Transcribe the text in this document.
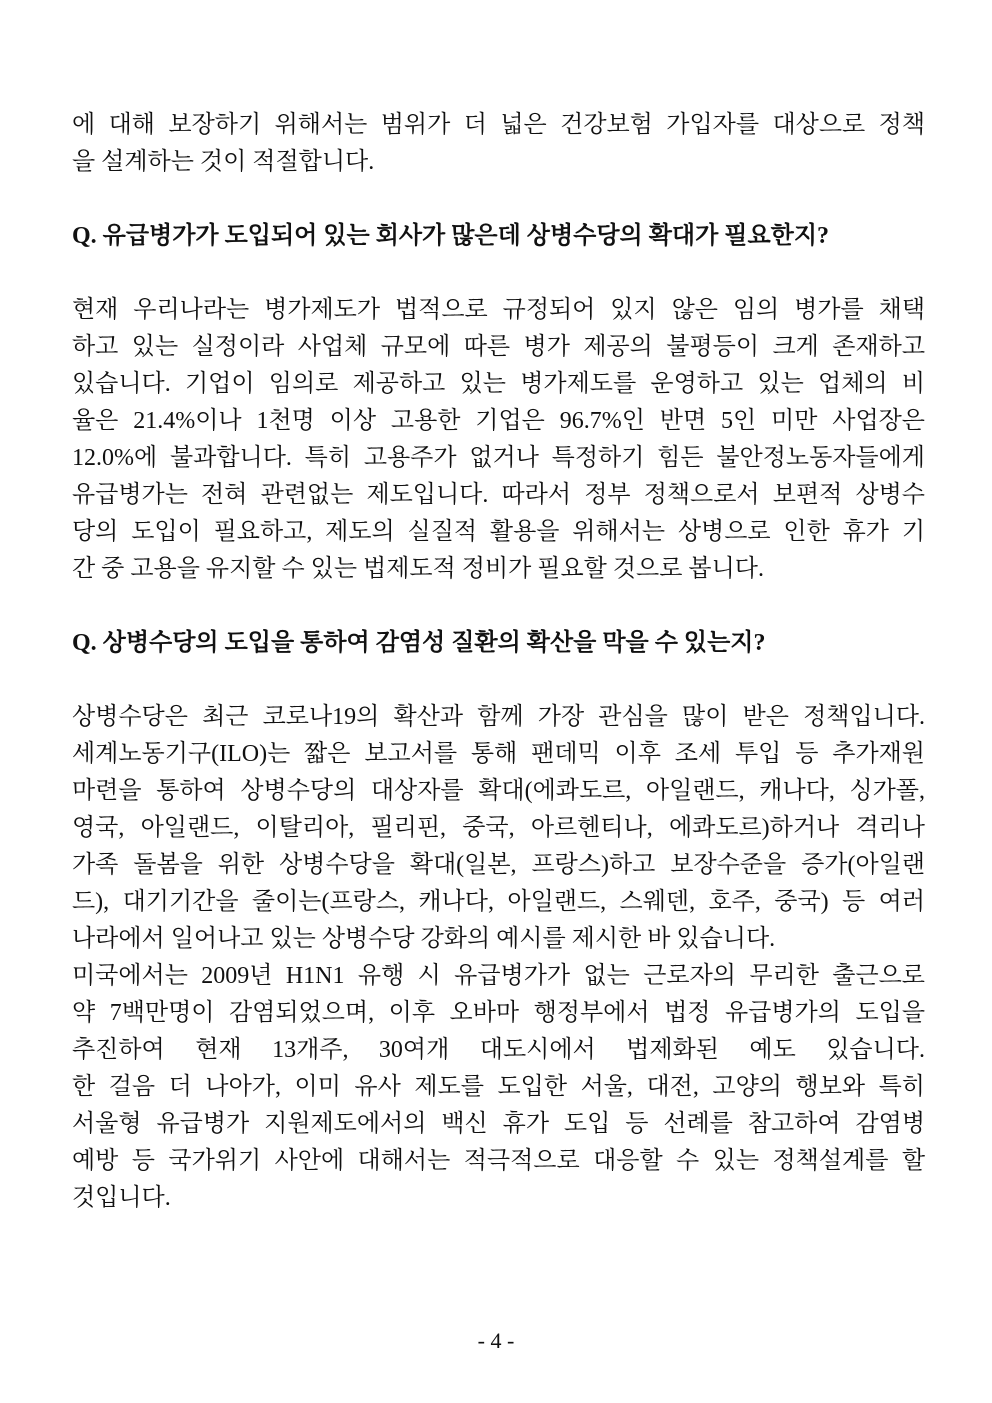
에 대해 보장하기 위해서는 범위가 더 넓은 건강보험 가입자를 대상으로 정책
을 설계하는 것이 적절합니다.
Q. 유급병가가 도입되어 있는 회사가 많은데 상병수당의 확대가 필요한지?
현재 우리나라는 병가제도가 법적으로 규정되어 있지 않은 임의 병가를 채택
하고 있는 실정이라 사업체 규모에 따른 병가 제공의 불평등이 크게 존재하고
있습니다. 기업이 임의로 제공하고 있는 병가제도를 운영하고 있는 업체의 비
율은 21.4%이나 1천명 이상 고용한 기업은 96.7%인 반면 5인 미만 사업장은
12.0%에 불과합니다. 특히 고용주가 없거나 특정하기 힘든 불안정노동자들에게
유급병가는 전혀 관련없는 제도입니다. 따라서 정부 정책으로서 보편적 상병수
당의 도입이 필요하고, 제도의 실질적 활용을 위해서는 상병으로 인한 휴가 기
간 중 고용을 유지할 수 있는 법제도적 정비가 필요할 것으로 봅니다.
Q. 상병수당의 도입을 통하여 감염성 질환의 확산을 막을 수 있는지?
상병수당은 최근 코로나19의 확산과 함께 가장 관심을 많이 받은 정책입니다.
세계노동기구(ILO)는 짧은 보고서를 통해 팬데믹 이후 조세 투입 등 추가재원
마련을 통하여 상병수당의 대상자를 확대(에콰도르, 아일랜드, 캐나다, 싱가폴,
영국, 아일랜드, 이탈리아, 필리핀, 중국, 아르헨티나, 에콰도르)하거나 격리나
가족 돌봄을 위한 상병수당을 확대(일본, 프랑스)하고 보장수준을 증가(아일랜
드), 대기기간을 줄이는(프랑스, 캐나다, 아일랜드, 스웨덴, 호주, 중국) 등 여러
나라에서 일어나고 있는 상병수당 강화의 예시를 제시한 바 있습니다.
미국에서는 2009년 H1N1 유행 시 유급병가가 없는 근로자의 무리한 출근으로
약 7백만명이 감염되었으며, 이후 오바마 행정부에서 법정 유급병가의 도입을
추진하여 현재 13개주, 30여개 대도시에서 법제화된 예도 있습니다.
한 걸음 더 나아가, 이미 유사 제도를 도입한 서울, 대전, 고양의 행보와 특히
서울형 유급병가 지원제도에서의 백신 휴가 도입 등 선례를 참고하여 감염병
예방 등 국가위기 사안에 대해서는 적극적으로 대응할 수 있는 정책설계를 할
것입니다.
- 4 -
